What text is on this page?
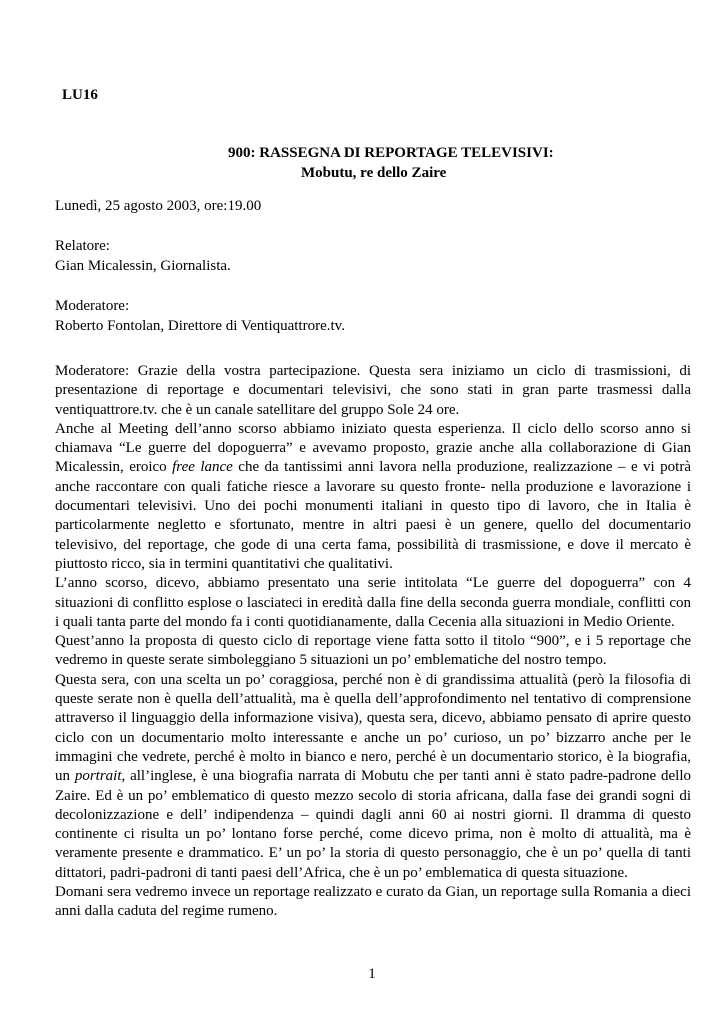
LU16
900: RASSEGNA DI REPORTAGE TELEVISIVI:
Mobutu, re dello Zaire

Lunedì, 25 agosto 2003, ore:19.00

Relatore:

Gian Micalessin, Giornalista.

Moderatore:

Roberto Fontolan, Direttore di Ventiquattrore.tv.

Moderatore: Grazie della vostra partecipazione. Questa sera iniziamo un ciclo di trasmissioni, di presentazione di reportage e documentari televisivi, che sono stati in gran parte trasmessi dalla ventiquattrore.tv. che è un canale satellitare del gruppo Sole 24 ore.

Anche al Meeting dell’anno scorso abbiamo iniziato questa esperienza. Il ciclo dello scorso anno si chiamava “Le guerre del dopoguerra” e avevamo proposto, grazie anche alla collaborazione di Gian Micalessin, eroico free lance che da tantissimi anni lavora nella produzione, realizzazione – e vi potrà anche raccontare con quali fatiche riesce a lavorare su questo fronte- nella produzione e lavorazione i documentari televisivi. Uno dei pochi monumenti italiani in questo tipo di lavoro, che in Italia è particolarmente negletto e sfortunato, mentre in altri paesi è un genere, quello del documentario televisivo, del reportage, che gode di una certa fama, possibilità di trasmissione, e dove il mercato è piuttosto ricco, sia in termini quantitativi che qualitativi.

L’anno scorso, dicevo, abbiamo presentato una serie intitolata “Le guerre del dopoguerra” con 4 situazioni di conflitto esplose o lasciateci in eredità dalla fine della seconda guerra mondiale, conflitti con i quali tanta parte del mondo fa i conti quotidianamente, dalla Cecenia alla situazioni in Medio Oriente.

Quest’anno la proposta di questo ciclo di reportage viene fatta sotto il titolo “900”, e i 5 reportage che vedremo in queste serate simboleggiano 5 situazioni un po’ emblematiche del nostro tempo.

Questa sera, con una scelta un po’ coraggiosa, perché non è di grandissima attualità (però la filosofia di queste serate non è quella dell’attualità, ma è quella dell’approfondimento nel tentativo di comprensione attraverso il linguaggio della informazione visiva), questa sera, dicevo, abbiamo pensato di aprire questo ciclo con un documentario molto interessante e anche un po’ curioso, un po’ bizzarro anche per le immagini che vedrete, perché è molto in bianco e nero, perché è un documentario storico, è la biografia, un portrait, all’inglese, è una biografia narrata di Mobutu che per tanti anni è stato padre-padrone dello Zaire. Ed è un po’ emblematico di questo mezzo secolo di storia africana, dalla fase dei grandi sogni di decolonizzazione e dell’ indipendenza – quindi dagli anni 60 ai nostri giorni. Il dramma di questo continente ci risulta un po’ lontano forse perché, come dicevo prima, non è molto di attualità, ma è veramente presente e drammatico. E’ un po’ la storia di questo personaggio, che è un po’ quella di tanti dittatori, padri-padroni di tanti paesi dell’Africa, che è un po’ emblematica di questa situazione.

Domani sera vedremo invece un reportage realizzato e curato da Gian, un reportage sulla Romania a dieci anni dalla caduta del regime rumeno.

1
